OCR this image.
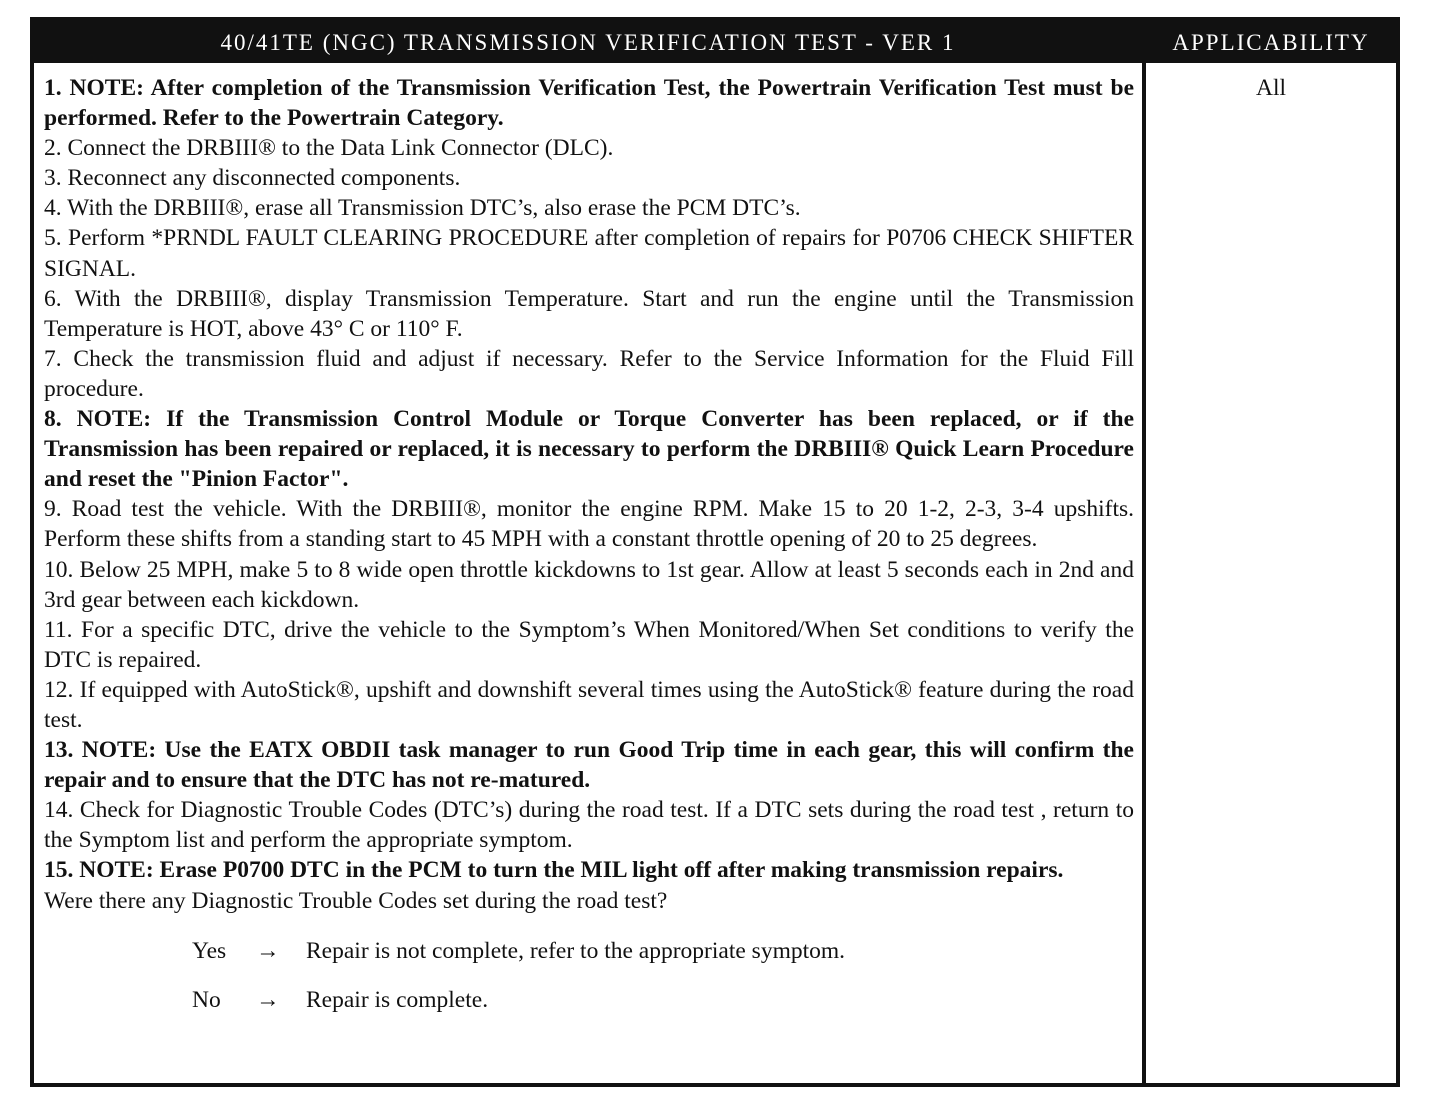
40/41TE (NGC) TRANSMISSION VERIFICATION TEST - VER 1	APPLICABILITY

1. NOTE: After completion of the Transmission Verification Test, the Powertrain Verification Test must be performed. Refer to the Powertrain Category.

2. Connect the DRBIII® to the Data Link Connector (DLC).

3. Reconnect any disconnected components.

4. With the DRBIII®, erase all Transmission DTC’s, also erase the PCM DTC’s.

5. Perform *PRNDL FAULT CLEARING PROCEDURE after completion of repairs for P0706 CHECK SHIFTER SIGNAL.

6. With the DRBIII®, display Transmission Temperature. Start and run the engine until the Transmission Temperature is HOT, above 43° C or 110° F.

7. Check the transmission fluid and adjust if necessary. Refer to the Service Information for the Fluid Fill procedure.

8. NOTE: If the Transmission Control Module or Torque Converter has been replaced, or if the Transmission has been repaired or replaced, it is necessary to perform the DRBIII® Quick Learn Procedure and reset the "Pinion Factor".

9. Road test the vehicle. With the DRBIII®, monitor the engine RPM. Make 15 to 20 1-2, 2-3, 3-4 upshifts. Perform these shifts from a standing start to 45 MPH with a constant throttle opening of 20 to 25 degrees.

10. Below 25 MPH, make 5 to 8 wide open throttle kickdowns to 1st gear. Allow at least 5 seconds each in 2nd and 3rd gear between each kickdown.

11. For a specific DTC, drive the vehicle to the Symptom’s When Monitored/When Set conditions to verify the DTC is repaired.

12. If equipped with AutoStick®, upshift and downshift several times using the AutoStick® feature during the road test.

13. NOTE: Use the EATX OBDII task manager to run Good Trip time in each gear, this will confirm the repair and to ensure that the DTC has not re-matured.

14. Check for Diagnostic Trouble Codes (DTC’s) during the road test. If a DTC sets during the road test , return to the Symptom list and perform the appropriate symptom.

15. NOTE: Erase P0700 DTC in the PCM to turn the MIL light off after making transmission repairs.

Were there any Diagnostic Trouble Codes set during the road test?

Yes → Repair is not complete, refer to the appropriate symptom.
No → Repair is complete.
All
